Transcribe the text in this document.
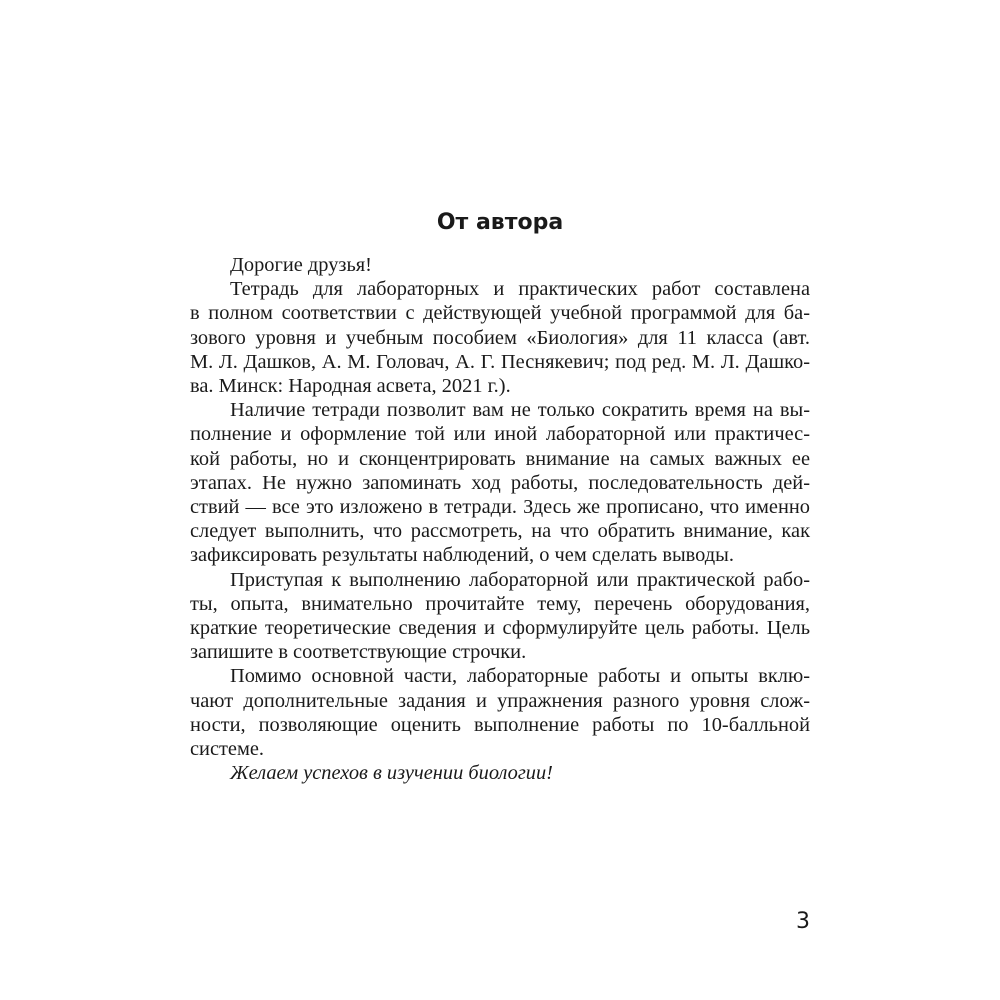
От автора
Дорогие друзья!
Тетрадь для лабораторных и практических работ составлена
в полном соответствии с действующей учебной программой для ба-
зового уровня и учебным пособием «Биология» для 11 класса (авт.
М. Л. Дашков, А. М. Головач, А. Г. Песнякевич; под ред. М. Л. Дашко-
ва. Минск: Народная асвета, 2021 г.).
Наличие тетради позволит вам не только сократить время на вы-
полнение и оформление той или иной лабораторной или практичес-
кой работы, но и сконцентрировать внимание на самых важных ее
этапах. Не нужно запоминать ход работы, последовательность дей-
ствий — все это изложено в тетради. Здесь же прописано, что именно
следует выполнить, что рассмотреть, на что обратить внимание, как
зафиксировать результаты наблюдений, о чем сделать выводы.
Приступая к выполнению лабораторной или практической рабо-
ты, опыта, внимательно прочитайте тему, перечень оборудования,
краткие теоретические сведения и сформулируйте цель работы. Цель
запишите в соответствующие строчки.
Помимо основной части, лабораторные работы и опыты вклю-
чают дополнительные задания и упражнения разного уровня слож-
ности, позволяющие оценить выполнение работы по 10-балльной
системе.
Желаем успехов в изучении биологии!
3
